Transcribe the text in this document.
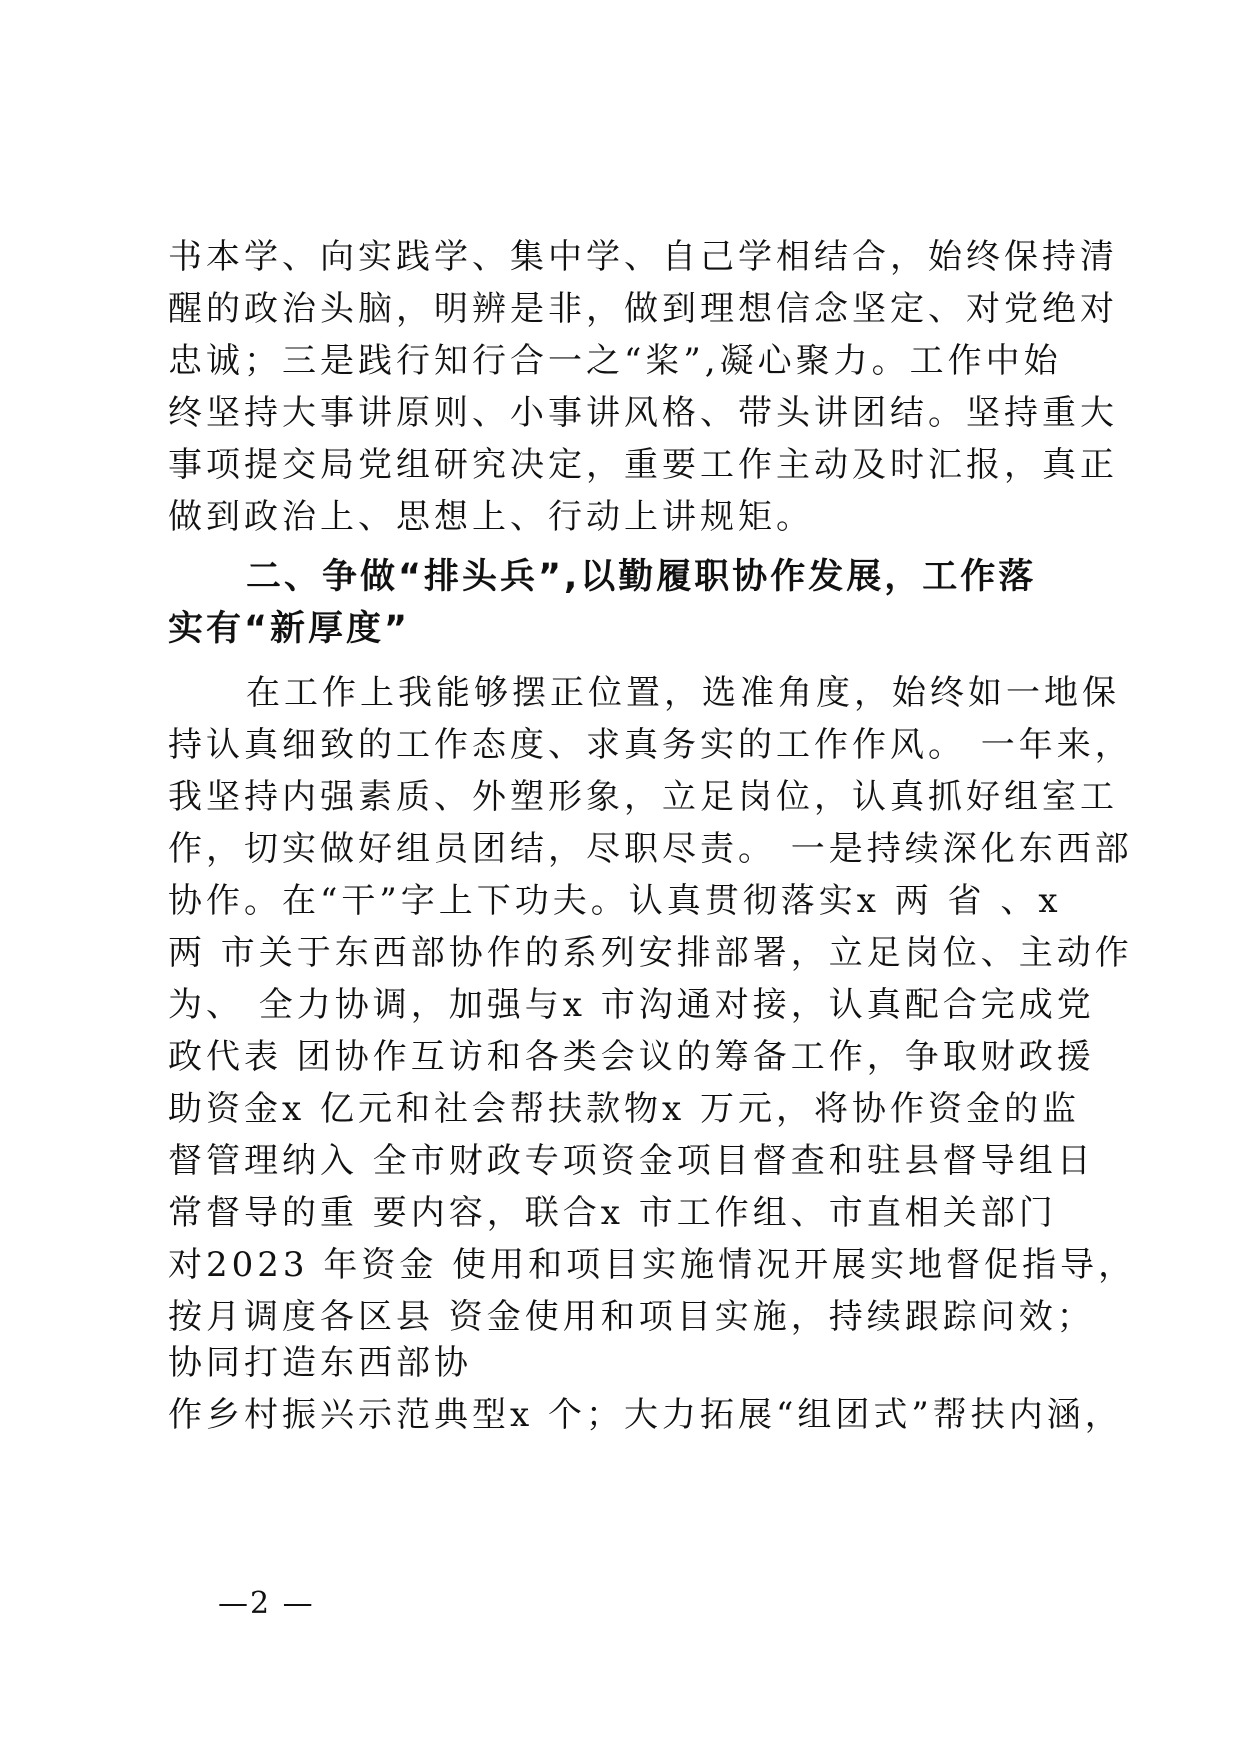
书本学、向实践学、集中学、自己学相结合，始终保持清
醒的政治头脑，明辨是非，做到理想信念坚定、对党绝对
忠诚；三是践行知行合一之“桨”,凝心聚力。工作中始
终坚持大事讲原则、小事讲风格、带头讲团结。坚持重大
事项提交局党组研究决定，重要工作主动及时汇报，真正
做到政治上、思想上、行动上讲规矩。
二、争做“排头兵”,以勤履职协作发展，工作落
实有“新厚度”
在工作上我能够摆正位置，选准角度，始终如一地保
持认真细致的工作态度、求真务实的工作作风。 一年来，
我坚持内强素质、外塑形象，立足岗位，认真抓好组室工
作，切实做好组员团结，尽职尽责。 一是持续深化东西部
协作。在“干”字上下功夫。认真贯彻落实x 两 省 、x
两 市关于东西部协作的系列安排部署，立足岗位、主动作
为、 全力协调，加强与x 市沟通对接，认真配合完成党
政代表 团协作互访和各类会议的筹备工作，争取财政援
助资金x 亿元和社会帮扶款物x 万元，将协作资金的监
督管理纳入 全市财政专项资金项目督查和驻县督导组日
常督导的重 要内容，联合x 市工作组、市直相关部门
对2023 年资金 使用和项目实施情况开展实地督促指导，
按月调度各区县 资金使用和项目实施，持续跟踪问效；
协同打造东西部协
作乡村振兴示范典型x 个；大力拓展“组团式”帮扶内涵，
—2 —
